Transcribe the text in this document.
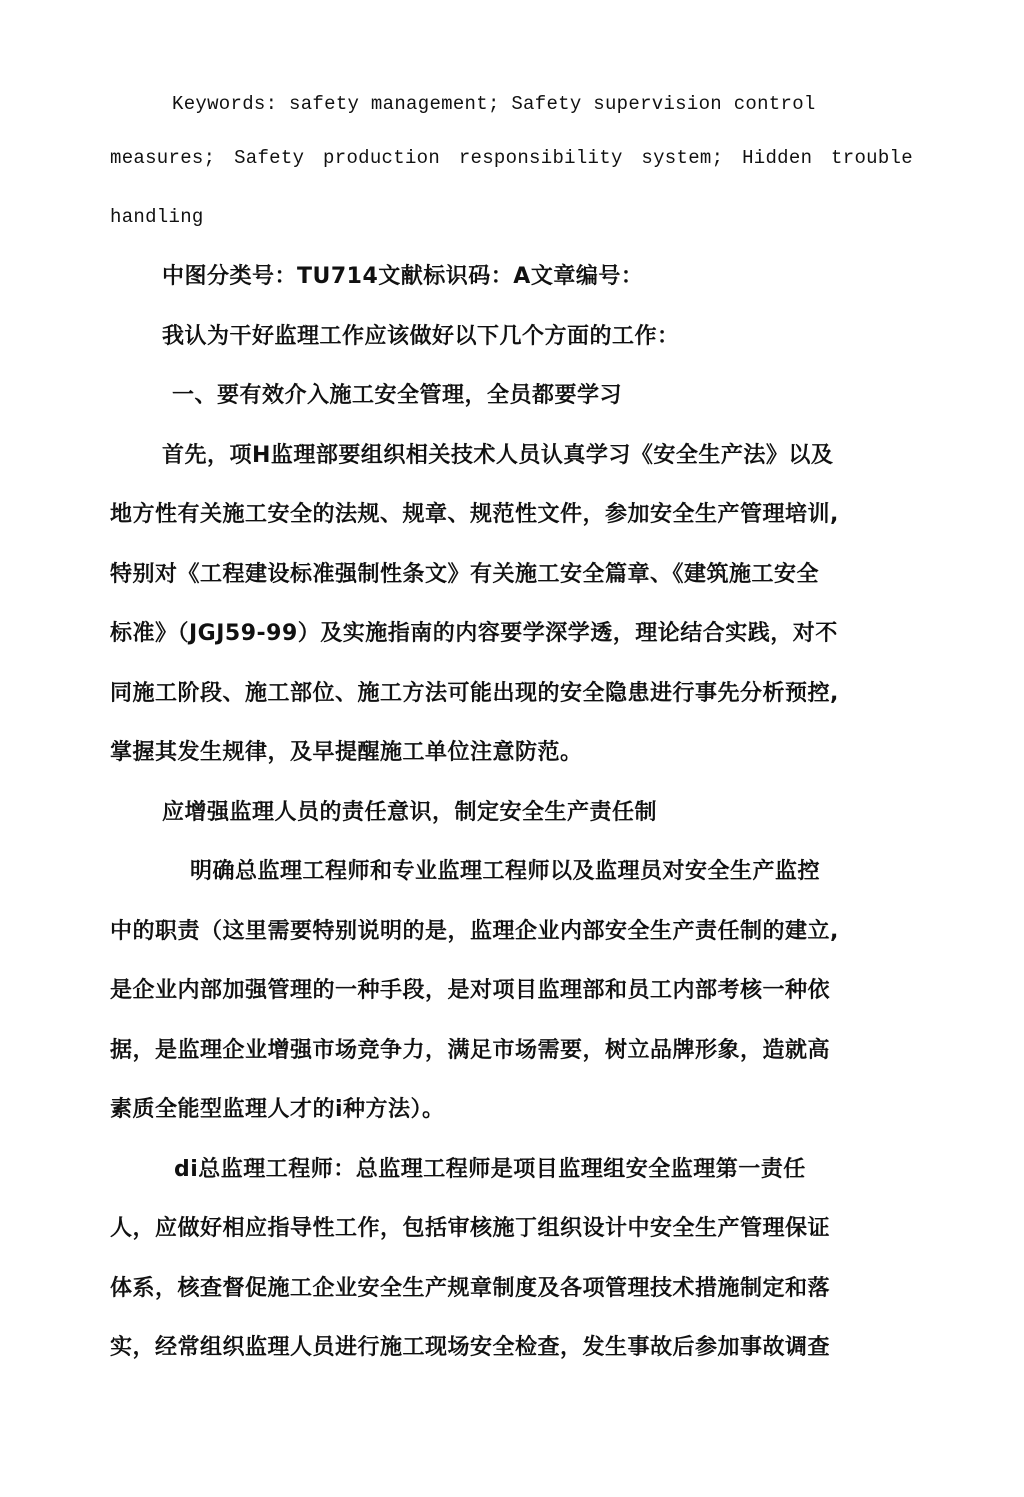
Keywords: safety management; Safety supervision control

measures; Safety production responsibility system; Hidden trouble

handling

中图分类号：TU714文献标识码：A文章编号：

我认为干好监理工作应该做好以下几个方面的工作：

一、要有效介入施工安全管理，全员都要学习

首先，项H监理部要组织相关技术人员认真学习《安全生产法》以及

地方性有关施工安全的法规、规章、规范性文件，参加安全生产管理培训,

特别对《工程建设标准强制性条文》有关施工安全篇章、《建筑施工安全

标准》（JGJ59-99）及实施指南的内容要学深学透，理论结合实践，对不

同施工阶段、施工部位、施工方法可能出现的安全隐患进行事先分析预控,

掌握其发生规律，及早提醒施工单位注意防范。

应增强监理人员的责任意识，制定安全生产责任制

明确总监理工程师和专业监理工程师以及监理员对安全生产监控

中的职责（这里需要特别说明的是，监理企业内部安全生产责任制的建立,

是企业内部加强管理的一种手段，是对项目监理部和员工内部考核一种依

据，是监理企业增强市场竞争力，满足市场需要，树立品牌形象，造就高

素质全能型监理人才的i种方法）。

di总监理工程师：总监理工程师是项目监理组安全监理第一责任

人，应做好相应指导性工作，包括审核施丁组织设计中安全生产管理保证

体系，核查督促施工企业安全生产规章制度及各项管理技术措施制定和落

实，经常组织监理人员进行施工现场安全检查，发生事故后参加事故调查
